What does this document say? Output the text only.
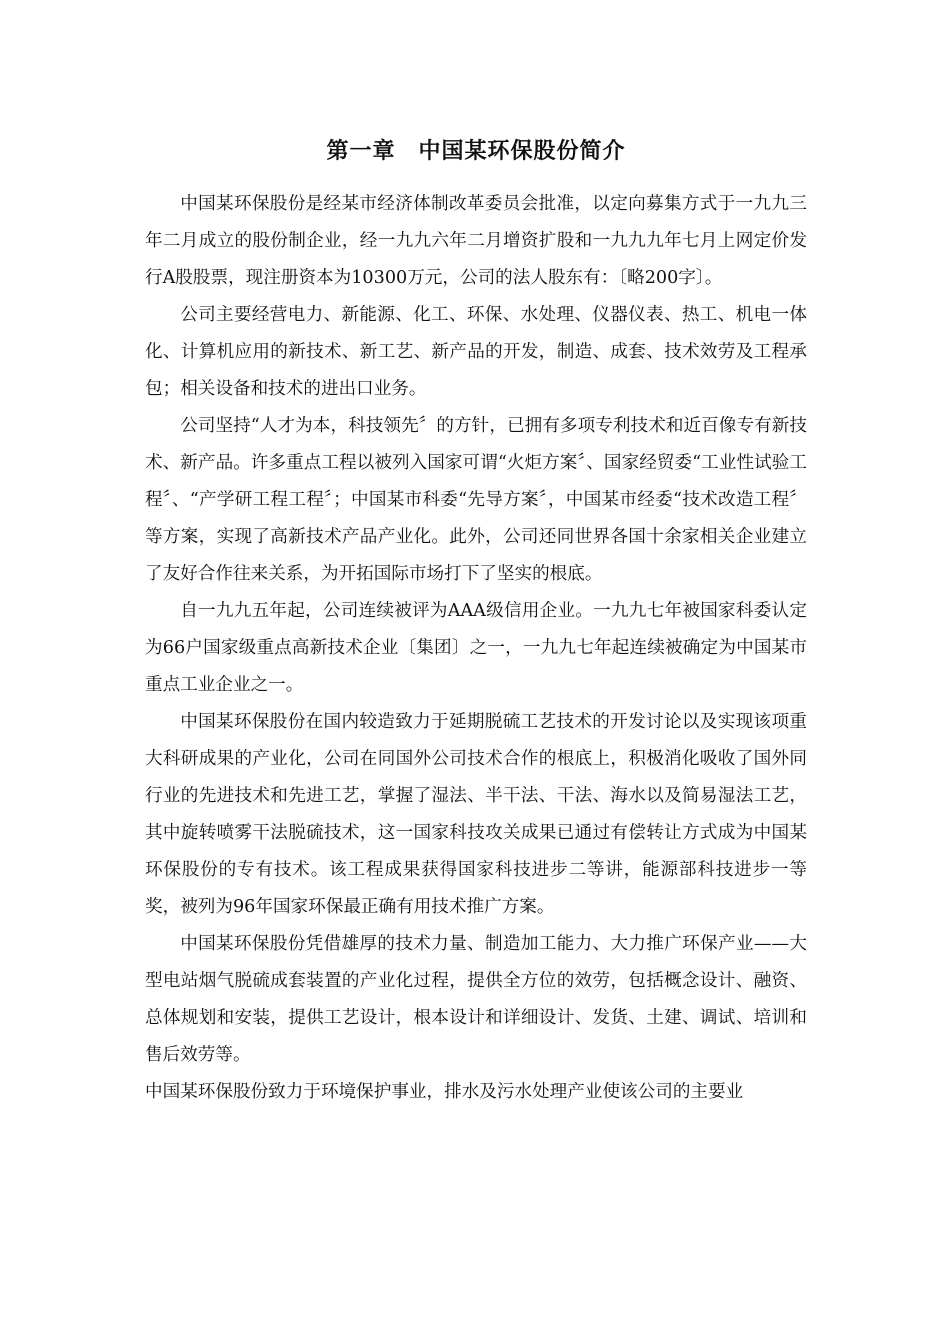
第一章　中国某环保股份简介

中国某环保股份是经某市经济体制改革委员会批准，以定向募集方式于一九九三年二月成立的股份制企业，经一九九六年二月增资扩股和一九九九年七月上网定价发行A股股票，现注册资本为10300万元，公司的法人股东有：〔略200字〕。

公司主要经营电力、新能源、化工、环保、水处理、仪器仪表、热工、机电一体化、计算机应用的新技术、新工艺、新产品的开发，制造、成套、技术效劳及工程承包；相关设备和技术的进出口业务。

公司坚持“人才为本，科技领先〞的方针，已拥有多项专利技术和近百像专有新技术、新产品。许多重点工程以被列入国家可谓“火炬方案〞、国家经贸委“工业性试验工程〞、“产学研工程工程〞；中国某市科委“先导方案〞，中国某市经委“技术改造工程〞等方案，实现了高新技术产品产业化。此外，公司还同世界各国十余家相关企业建立了友好合作往来关系，为开拓国际市场打下了坚实的根底。

自一九九五年起，公司连续被评为AAA级信用企业。一九九七年被国家科委认定为66户国家级重点高新技术企业〔集团〕之一，一九九七年起连续被确定为中国某市重点工业企业之一。

中国某环保股份在国内较造致力于延期脱硫工艺技术的开发讨论以及实现该项重大科研成果的产业化，公司在同国外公司技术合作的根底上，积极消化吸收了国外同行业的先进技术和先进工艺，掌握了湿法、半干法、干法、海水以及简易湿法工艺，其中旋转喷雾干法脱硫技术，这一国家科技攻关成果已通过有偿转让方式成为中国某环保股份的专有技术。该工程成果获得国家科技进步二等讲，能源部科技进步一等奖，被列为96年国家环保最正确有用技术推广方案。

中国某环保股份凭借雄厚的技术力量、制造加工能力、大力推广环保产业——大型电站烟气脱硫成套装置的产业化过程，提供全方位的效劳，包括概念设计、融资、总体规划和安装，提供工艺设计，根本设计和详细设计、发货、土建、调试、培训和售后效劳等。

中国某环保股份致力于环境保护事业，排水及污水处理产业使该公司的主要业
